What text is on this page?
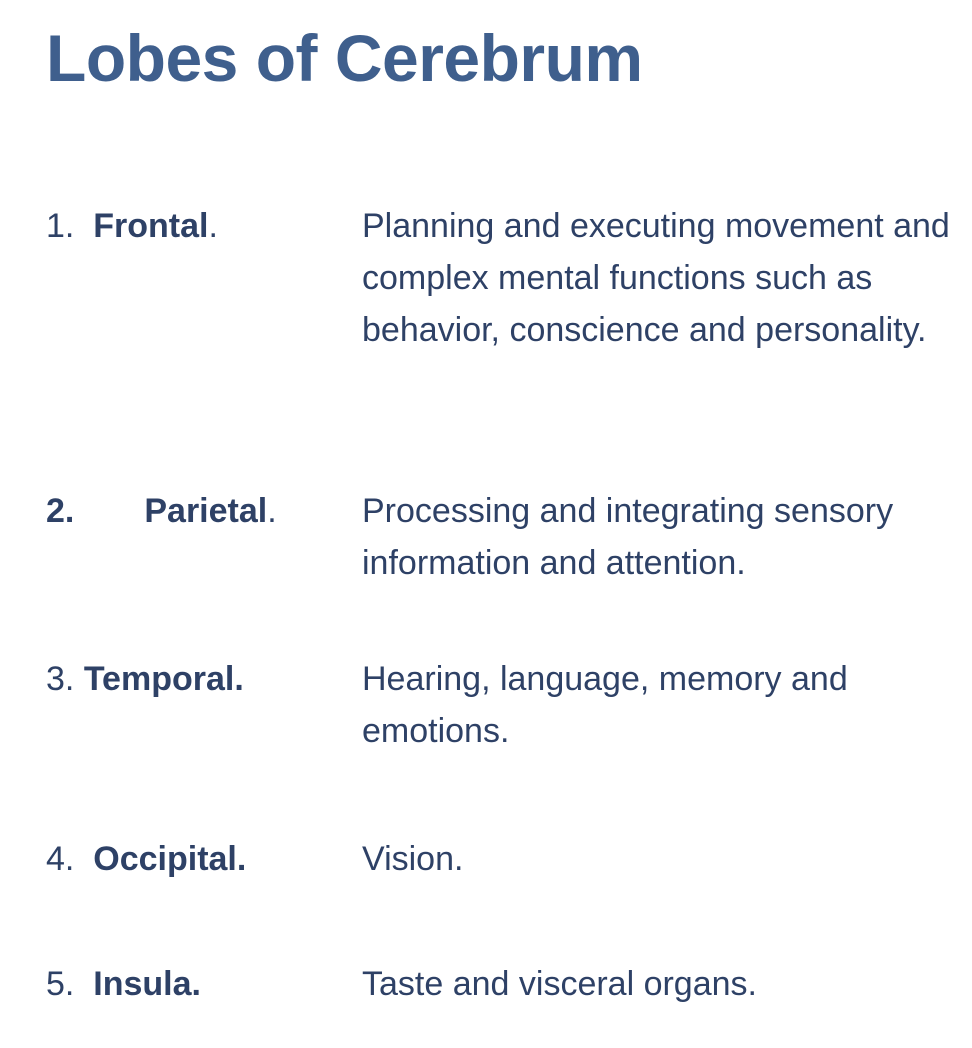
Lobes of Cerebrum
1. Frontal.	Planning and executing movement and complex mental functions such as behavior, conscience and personality.

2. Parietal.	Processing and integrating sensory information and attention.

3. Temporal.	Hearing, language, memory and emotions.

4. Occipital.	Vision.

5. Insula.	Taste and visceral organs.
